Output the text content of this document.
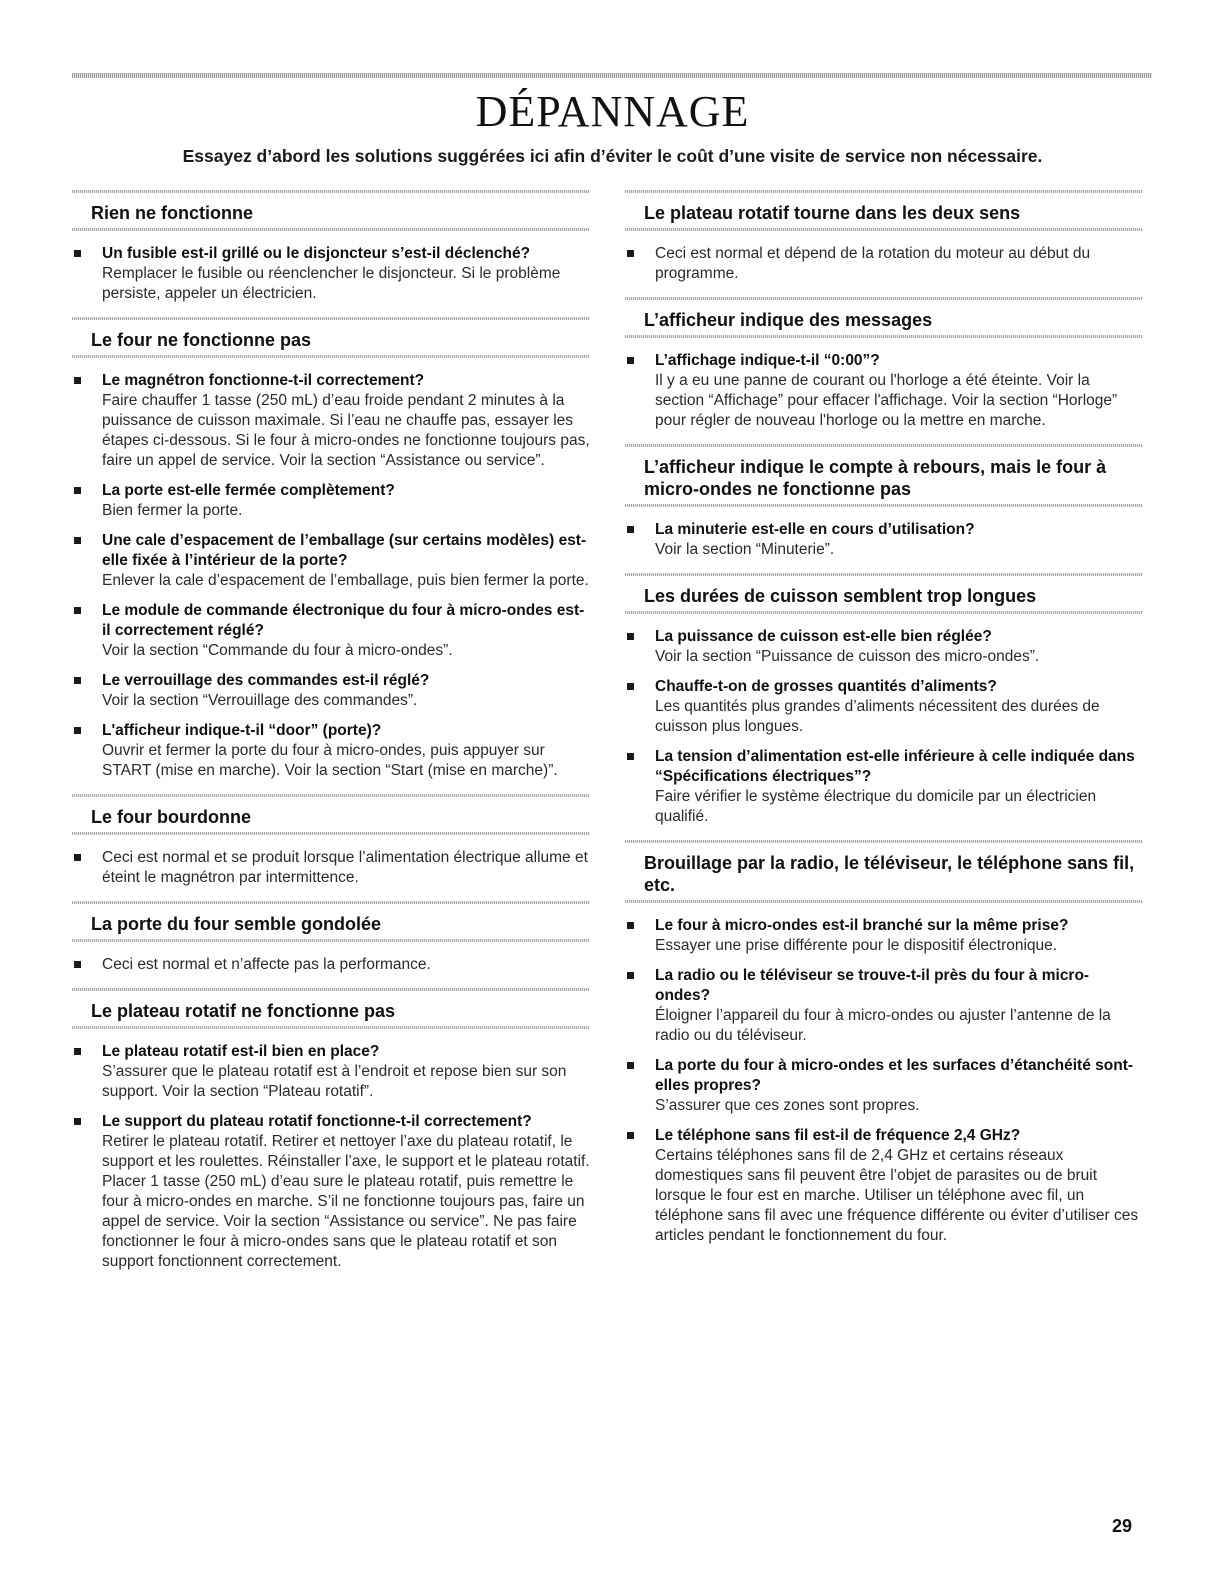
DÉPANNAGE
Essayez d’abord les solutions suggérées ici afin d’éviter le coût d’une visite de service non nécessaire.
Rien ne fonctionne
Un fusible est-il grillé ou le disjoncteur s’est-il déclenché?
Remplacer le fusible ou réenclencher le disjoncteur. Si le problème persiste, appeler un électricien.
Le four ne fonctionne pas
Le magnétron fonctionne-t-il correctement?
Faire chauffer 1 tasse (250 mL) d’eau froide pendant 2 minutes à la puissance de cuisson maximale. Si l’eau ne chauffe pas, essayer les étapes ci-dessous. Si le four à micro-ondes ne fonctionne toujours pas, faire un appel de service. Voir la section “Assistance ou service”.
La porte est-elle fermée complètement?
Bien fermer la porte.
Une cale d’espacement de l’emballage (sur certains modèles) est-elle fixée à l’intérieur de la porte?
Enlever la cale d’espacement de l’emballage, puis bien fermer la porte.
Le module de commande électronique du four à micro-ondes est-il correctement réglé?
Voir la section “Commande du four à micro-ondes”.
Le verrouillage des commandes est-il réglé?
Voir la section “Verrouillage des commandes”.
L'afficheur indique-t-il “door” (porte)?
Ouvrir et fermer la porte du four à micro-ondes, puis appuyer sur START (mise en marche). Voir la section “Start (mise en marche)”.
Le four bourdonne
Ceci est normal et se produit lorsque l’alimentation électrique allume et éteint le magnétron par intermittence.
La porte du four semble gondolée
Ceci est normal et n’affecte pas la performance.
Le plateau rotatif ne fonctionne pas
Le plateau rotatif est-il bien en place?
S’assurer que le plateau rotatif est à l’endroit et repose bien sur son support. Voir la section “Plateau rotatif”.
Le support du plateau rotatif fonctionne-t-il correctement?
Retirer le plateau rotatif. Retirer et nettoyer l’axe du plateau rotatif, le support et les roulettes. Réinstaller l’axe, le support et le plateau rotatif. Placer 1 tasse (250 mL) d’eau sure le plateau rotatif, puis remettre le four à micro-ondes en marche. S’il ne fonctionne toujours pas, faire un appel de service. Voir la section “Assistance ou service”. Ne pas faire fonctionner le four à micro-ondes sans que le plateau rotatif et son support fonctionnent correctement.
Le plateau rotatif tourne dans les deux sens
Ceci est normal et dépend de la rotation du moteur au début du programme.
L’afficheur indique des messages
L’affichage indique-t-il “0:00”?
Il y a eu une panne de courant ou l'horloge a été éteinte. Voir la section “Affichage” pour effacer l'affichage. Voir la section “Horloge” pour régler de nouveau l'horloge ou la mettre en marche.
L’afficheur indique le compte à rebours, mais le four à micro-ondes ne fonctionne pas
La minuterie est-elle en cours d’utilisation?
Voir la section “Minuterie”.
Les durées de cuisson semblent trop longues
La puissance de cuisson est-elle bien réglée?
Voir la section “Puissance de cuisson des micro-ondes”.
Chauffe-t-on de grosses quantités d’aliments?
Les quantités plus grandes d’aliments nécessitent des durées de cuisson plus longues.
La tension d’alimentation est-elle inférieure à celle indiquée dans “Spécifications électriques”?
Faire vérifier le système électrique du domicile par un électricien qualifié.
Brouillage par la radio, le téléviseur, le téléphone sans fil, etc.
Le four à micro-ondes est-il branché sur la même prise?
Essayer une prise différente pour le dispositif électronique.
La radio ou le téléviseur se trouve-t-il près du four à micro-ondes?
Éloigner l’appareil du four à micro-ondes ou ajuster l’antenne de la radio ou du téléviseur.
La porte du four à micro-ondes et les surfaces d’étanchéité sont-elles propres?
S’assurer que ces zones sont propres.
Le téléphone sans fil est-il de fréquence 2,4 GHz?
Certains téléphones sans fil de 2,4 GHz et certains réseaux domestiques sans fil peuvent être l’objet de parasites ou de bruit lorsque le four est en marche. Utiliser un téléphone avec fil, un téléphone sans fil avec une fréquence différente ou éviter d’utiliser ces articles pendant le fonctionnement du four.
29
